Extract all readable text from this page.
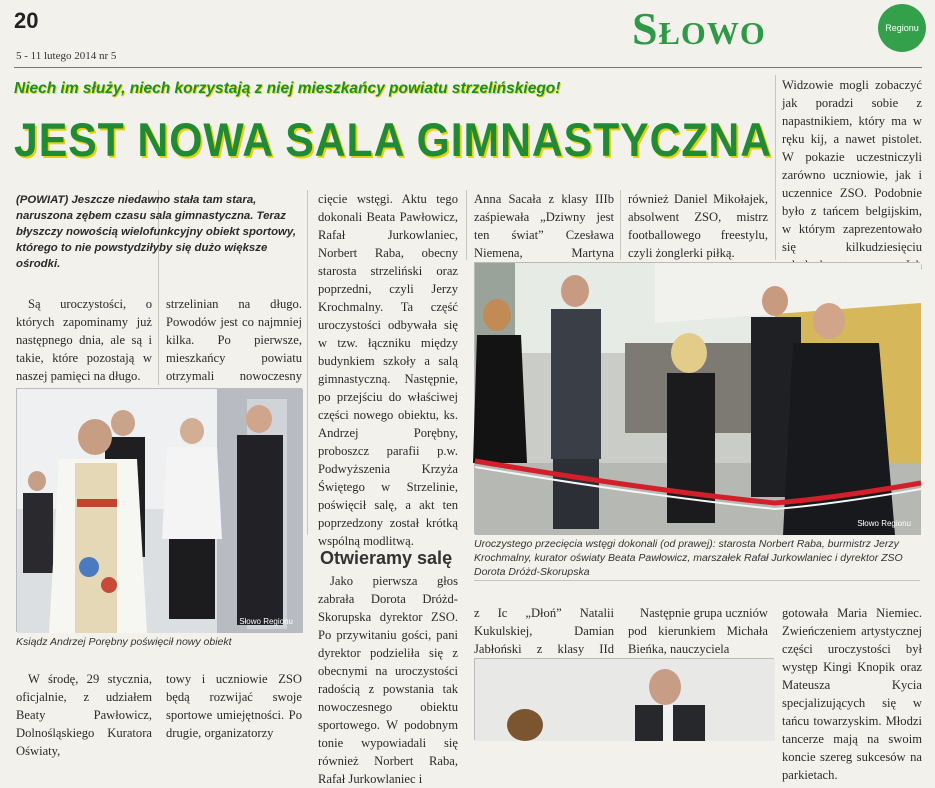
20
5 - 11 lutego 2014 nr 5
Słowo	Regionu
Niech im służy, niech korzystają z niej mieszkańcy powiatu strzelińskiego!
JEST NOWA SALA GIMNASTYCZNA
(POWIAT) Jeszcze niedawno stała tam stara, naruszona zębem czasu sala gimnastyczna. Teraz błyszczy nowością wielofunkcyjny obiekt sportowy, którego to nie powstydziłyby się dużo większe ośrodki.

Są uroczystości, o których zapominamy już następnego dnia, ale są i takie, które pozostają w naszej pamięci na długo.

strzelinian na długo. Powodów jest co najmniej kilka. Po pierwsze, mieszkańcy powiatu otrzymali nowoczesny

cięcie wstęgi. Aktu tego dokonali Beata Pawłowicz, Rafał Jurkowlaniec, Norbert Raba, obecny starosta strzeliński oraz poprzedni, czyli Jerzy Krochmalny. Ta część uroczystości odbywała się w tzw. łączniku między budynkiem szkoły a salą gimnastyczną. Następnie, po przejściu do właściwej części nowego obiektu, ks. Andrzej Porębny, proboszcz parafii p.w. Podwyższenia Krzyża Świętego w Strzelinie, poświęcił salę, a akt ten poprzedzony został krótką wspólną modlitwą.

Anna Sacała z klasy IIIb zaśpiewała „Dziwny jest ten świat” Czesława Niemena, Martyna

również Daniel Mikołajek, absolwent ZSO, mistrz footballowego freestylu, czyli żonglerki piłką.

Widzowie mogli zobaczyć jak poradzi sobie z napastnikiem, który ma w ręku kij, a nawet pistolet. W pokazie uczestniczyli zarówno uczniowie, jak i uczennice ZSO. Podobnie było z tańcem belgijskim, w którym zaprezentowało się kilkudziesięciu

Słowo Regionu
Ksiądz Andrzej Porębny poświęcił nowy obiekt
Słowo Regionu
Uroczystego przecięcia wstęgi dokonali (od prawej): starosta Norbert Raba, burmistrz Jerzy Krochmalny, kurator oświaty Beata Pawłowicz, marszałek Rafał Jurkowlaniec i dyrektor ZSO Dorota Dróżd-Skorupska
Otwieramy salę

Jako pierwsza głos zabrała Dorota Dróżd-Skorupska dyrektor ZSO. Po przywitaniu gości, pani dyrektor podzieliła się z obecnymi na uroczystości radością z powstania tak nowoczesnego obiektu sportowego. W podobnym tonie wypowiadali się również Norbert Raba, Rafał Jurkowlaniec i

W środę, 29 stycznia, oficjalnie, z udziałem Beaty Pawłowicz, Dolnośląskiego Kuratora Oświaty,

towy i uczniowie ZSO będą rozwijać swoje sportowe umiejętności. Po drugie, organizatorzy

z Ic „Dłoń” Natalii Kukulskiej, Damian Jabłoński z klasy IId

Następnie grupa uczniów pod kierunkiem Michała Bieńka, nauczyciela

gotowała Maria Niemiec. Zwieńczeniem artystycznej części uroczystości był występ Kingi Knopik oraz Mateusza Kycia specjalizujących się w tańcu towarzyskim. Młodzi tancerze mają na swoim koncie szereg sukcesów na parkietach.
